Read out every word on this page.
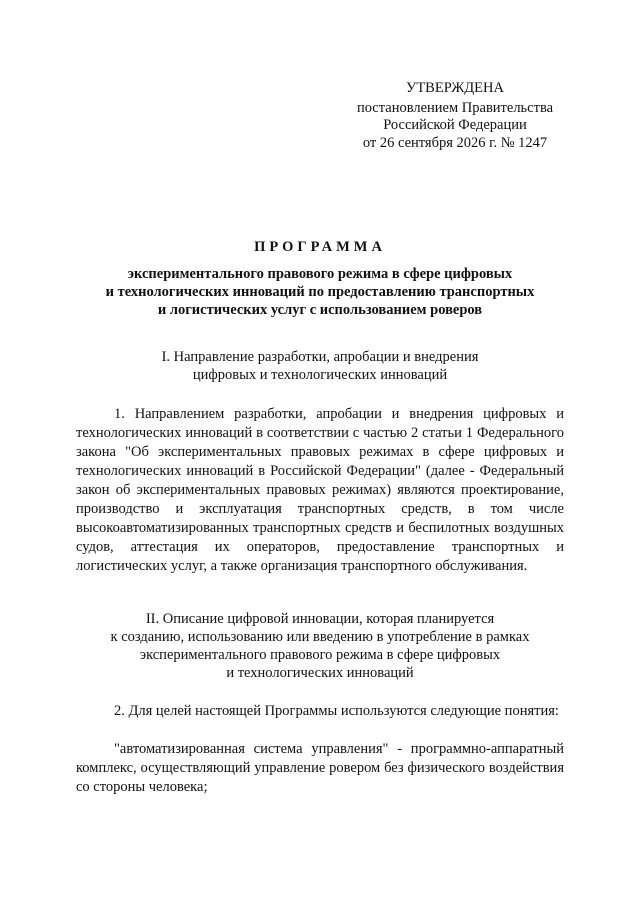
УТВЕРЖДЕНА
постановлением Правительства
Российской Федерации
от 26 сентября 2026 г. № 1247
ПРОГРАММА
экспериментального правового режима в сфере цифровых
и технологических инноваций по предоставлению транспортных
и логистических услуг с использованием роверов
I. Направление разработки, апробации и внедрения
цифровых и технологических инноваций
1. Направлением разработки, апробации и внедрения цифровых и технологических инноваций в соответствии с частью 2 статьи 1 Федерального закона "Об экспериментальных правовых режимах в сфере цифровых и технологических инноваций в Российской Федерации" (далее - Федеральный закон об экспериментальных правовых режимах) являются проектирование, производство и эксплуатация транспортных средств, в том числе высокоавтоматизированных транспортных средств и беспилотных воздушных судов, аттестация их операторов, предоставление транспортных и логистических услуг, а также организация транспортного обслуживания.
II. Описание цифровой инновации, которая планируется
к созданию, использованию или введению в употребление в рамках
экспериментального правового режима в сфере цифровых
и технологических инноваций
2. Для целей настоящей Программы используются следующие понятия:
"автоматизированная система управления" - программно-аппаратный комплекс, осуществляющий управление ровером без физического воздействия со стороны человека;
